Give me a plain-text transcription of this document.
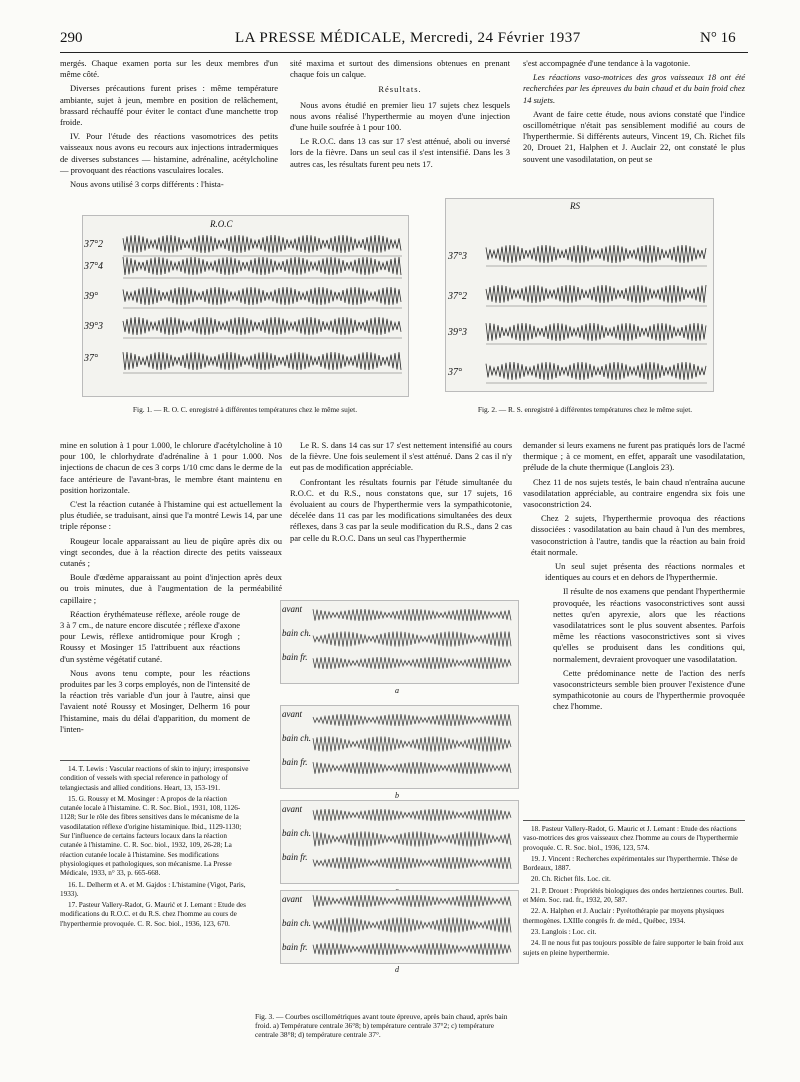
290	LA PRESSE MÉDICALE, Mercredi, 24 Février 1937	N° 16

mergés. Chaque examen porta sur les deux membres d'un même côté.

Diverses précautions furent prises : même température ambiante, sujet à jeun, membre en position de relâchement, brassard réchauffé pour éviter le contact d'une manchette trop froide.

IV. Pour l'étude des réactions vasomotrices des petits vaisseaux nous avons eu recours aux injections intradermiques de diverses substances — histamine, adrénaline, acétylcholine — provoquant des réactions vasculaires locales.

Nous avons utilisé 3 corps différents : l'hista-

sité maxima et surtout des dimensions obtenues en prenant chaque fois un calque.

Résultats.

Nous avons étudié en premier lieu 17 sujets chez lesquels nous avons réalisé l'hyperthermie au moyen d'une injection d'une huile soufrée à 1 pour 100.

Le R.O.C. dans 13 cas sur 17 s'est atténué, aboli ou inversé lors de la fièvre. Dans un seul cas il s'est intensifié. Dans les 3 autres cas, les résultats furent peu nets 17.

s'est accompagnée d'une tendance à la vagotonie.

Les réactions vaso-motrices des gros vaisseaux 18 ont été recherchées par les épreuves du bain chaud et du bain froid chez 14 sujets.

Avant de faire cette étude, nous avions constaté que l'indice oscillométrique n'était pas sensiblement modifié au cours de l'hyperthermie. Si différents auteurs, Vincent 19, Ch. Richet fils 20, Drouet 21, Halphen et J. Auclair 22, ont constaté le plus souvent une vasodilatation, on peut se

R.O.C
37°2
37°4
39°
39°3
37°
Fig. 1. — R. O. C. enregistré à différentes températures chez le même sujet.
RS
37°3
37°2
39°3
37°
Fig. 2. — R. S. enregistré à différentes températures chez le même sujet.

mine en solution à 1 pour 1.000, le chlorure d'acétylcholine à 10 pour 100, le chlorhydrate d'adrénaline à 1 pour 1.000. Nos injections de chacun de ces 3 corps 1/10 cmc dans le derme de la face antérieure de l'avant-bras, le membre étant maintenu en position horizontale.

C'est la réaction cutanée à l'histamine qui est actuellement la plus étudiée, se traduisant, ainsi que l'a montré Lewis 14, par une triple réponse :

Rougeur locale apparaissant au lieu de piqûre après dix ou vingt secondes, due à la réaction directe des petits vaisseaux cutanés ;

Boule d'œdème apparaissant au point d'injection après deux ou trois minutes, due à l'augmentation de la perméabilité capillaire ;

Réaction érythémateuse réflexe, aréole rouge de 3 à 7 cm., de nature encore discutée ; réflexe d'axone pour Lewis, réflexe antidromique pour Krogh ; Roussy et Mosinger 15 l'attribuent aux réactions d'un système végétatif cutané.

Nous avons tenu compte, pour les réactions produites par les 3 corps employés, non de l'intensité de la réaction très variable d'un jour à l'autre, ainsi que l'avaient noté Roussy et Mosinger, Delherm 16 pour l'histamine, mais du délai d'apparition, du moment de l'inten-

Le R. S. dans 14 cas sur 17 s'est nettement intensifié au cours de la fièvre. Une fois seulement il s'est atténué. Dans 2 cas il n'y eut pas de modification appréciable.

Confrontant les résultats fournis par l'étude simultanée du R.O.C. et du R.S., nous constatons que, sur 17 sujets, 16 évoluaient au cours de l'hyperthermie vers la sympathicotonie, décelée dans 11 cas par les modifications simultanées des deux réflexes, dans 3 cas par la seule modification du R.S., dans 2 cas par celle du R.O.C. Dans un seul cas l'hyperthermie

demander si leurs examens ne furent pas pratiqués lors de l'acmé thermique ; à ce moment, en effet, apparaît une vasodilatation, prélude de la chute thermique (Langlois 23).

Chez 11 de nos sujets testés, le bain chaud n'entraîna aucune vasodilatation appréciable, au contraire engendra six fois une vasoconstriction 24.

Chez 2 sujets, l'hyperthermie provoqua des réactions dissociées : vasodilatation au bain chaud à l'un des membres, vasoconstriction à l'autre, tandis que la réaction au bain froid était normale.

Un seul sujet présenta des réactions normales et identiques au cours et en dehors de l'hyperthermie.

Il résulte de nos examens que pendant l'hyperthermie provoquée, les réactions vasoconstrictives sont aussi nettes qu'en apyrexie, alors que les réactions vasodilatatrices sont le plus souvent absentes. Parfois même les réactions vasoconstrictives sont si vives qu'elles se produisent dans les conditions qui, normalement, devraient provoquer une vasodilatation.

Cette prédominance nette de l'action des nerfs vasoconstricteurs semble bien prouver l'existence d'une sympathicotonie au cours de l'hyperthermie provoquée chez l'homme.

avant
bain ch.
bain fr.
a
avant
bain ch.
bain fr.
b
avant
bain ch.
bain fr.
avant
bain ch.
bain fr.
d
Fig. 3. — Courbes oscillométriques avant toute épreuve, après bain chaud, après bain froid. a) Température centrale 36°8; b) température centrale 37°2; c) température centrale 38°8; d) température centrale 37°.

14. T. Lewis : Vascular reactions of skin to injury; irresponsive condition of vessels with special reference in pathology of telangiectasis and allied conditions. Heart, 13, 153-191.

15. G. Roussy et M. Mosinger : A propos de la réaction cutanée locale à l'histamine. C. R. Soc. Biol., 1931, 108, 1126-1128; Sur le rôle des fibres sensitives dans le mécanisme de la vasodilatation réflexe d'origine histaminique. Ibid., 1129-1130; Sur l'influence de certains facteurs locaux dans la réaction cutanée à l'histamine. C. R. Soc. biol., 1932, 109, 26-28; La réaction cutanée locale à l'histamine. Ses modifications physiologiques et pathologiques, son mécanisme. La Presse Médicale, 1933, n° 33, p. 665-668.

16. L. Delherm et A. et M. Gajdos : L'histamine (Vigot, Paris, 1933).

17. Pasteur Vallery-Radot, G. Maurić et J. Lemant : Etude des modifications du R.O.C. et du R.S. chez l'homme au cours de l'hyperthermie provoquée. C. R. Soc. biol., 1936, 123, 670.

18. Pasteur Vallery-Radot, G. Mauric et J. Lemant : Etude des réactions vaso-motrices des gros vaisseaux chez l'homme au cours de l'hyperthermie provoquée. C. R. Soc. biol., 1936, 123, 574.

19. J. Vincent : Recherches expérimentales sur l'hyperthermie. Thèse de Bordeaux, 1887.

20. Ch. Richet fils. Loc. cit.

21. P. Drouet : Propriétés biologiques des ondes hertziennes courtes. Bull. et Mém. Soc. rad. fr., 1932, 20, 587.

22. A. Halphen et J. Auclair : Pyrétothérapie par moyens physiques thermogènes. LXIIIe congrès fr. de méd., Québec, 1934.

23. Langlois : Loc. cit.

24. Il ne nous fut pas toujours possible de faire supporter le bain froid aux sujets en pleine hyperthermie.
